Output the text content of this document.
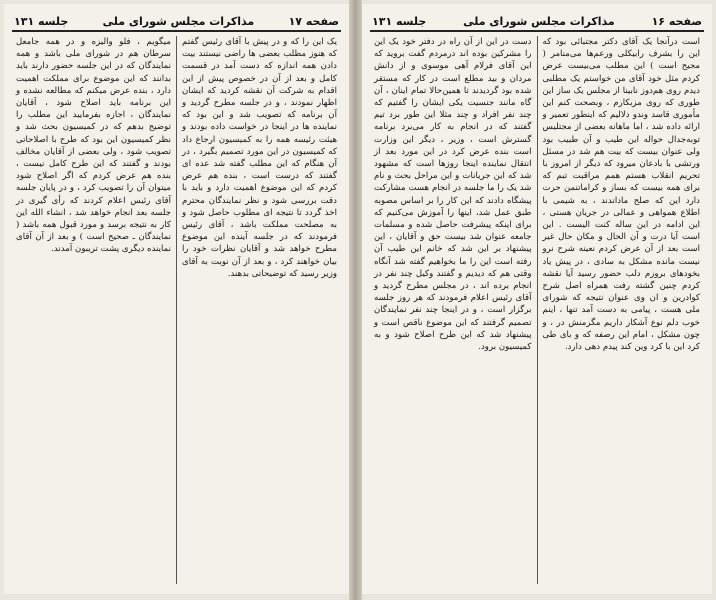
صفحه ۱۷
مذاکرات مجلس شورای ملی
جلسه ۱۳۱

یک این را که و در پیش با آقای رئیس گفتم که هنوز مطلب بعضی ها راضی نیستند بیت دادن همه اندازه که دست آمد در قسمت کامل و بعد از آن در خصوص پیش از این اقدام به شرکت آن نقشه کردید که ایشان اظهار نمودند ، و در جلسه مطرح گردید و آن برنامه که تصویب شد و این بود که نماینده ها در اینجا در خواست داده بودند و هیئت رئیسه همه را به کمیسیون ارجاع داد که کمیسیون در این مورد تصمیم بگیرد ، در آن هنگام که این مطلب گفته شد عده ای گفتند که درست است ، بنده هم عرض کردم که این موضوع اهمیت دارد و باید با دقت بررسی شود و نظر نمایندگان محترم اخذ گردد تا نتیجه ای مطلوب حاصل شود و به مصلحت مملکت باشد ، آقای رئیس فرمودند که در جلسه آینده این موضوع مطرح خواهد شد و آقایان نظرات خود را بیان خواهند کرد ، و بعد از آن نوبت به آقای وزیر رسید که توضیحاتی بدهند.

میگویم ، فلو والیزه و در همه جامعل سرطان هم در شورای ملی باشد و همه نمایندگان که در این جلسه حضور دارند باید بدانند که این موضوع برای مملکت اهمیت دارد ، بنده عرض میکنم که مطالعه نشده و این برنامه باید اصلاح شود ، آقایان نمایندگان ، اجازه بفرمایید این مطلب را توضیح بدهم که در کمیسیون بحث شد و نظر کمیسیون این بود که طرح با اصلاحاتی تصویب شود ، ولی بعضی از آقایان مخالف بودند و گفتند که این طرح کامل نیست ، بنده هم عرض کردم که اگر اصلاح شود میتوان آن را تصویب کرد ، و در پایان جلسه آقای رئیس اعلام کردند که رأی گیری در جلسه بعد انجام خواهد شد ، انشاء الله این کار به نتیجه برسد و مورد قبول همه باشد ( نمایندگان ـ صحیح است ) و بعد از آن آقای نماینده دیگری پشت تریبون آمدند.

صفحه ۱۶
مذاکرات مجلس شورای ملی
جلسه ۱۳۱

است درآنجا یک آقای دکتر مجتبائی بود که این را بشرف رابیکلی ورعم‌ها می‌منامر ( مجیح است ) این مطلب می‌بیست عرض کردم مثل خود آقای من خواستم یک مطلبی دیدم روی هم‌دوز نابینا از مجلس یک ساز این طوری‌ که روی مزبکارم ، وبصحت کنم این مأموری قاسد وندو دلالیم که اینطور تعمیر و ارائه داده شد ، اما ماهانه بعضی از مجتلیس توبه‌جدال حواله این طیب و آن طبیب بود ولی عنوان بیست که بیت هم شد در مسئل ورتشی با بادعان میرود که دیگر از امروز با تحریم انقلاب هستم همم مراقبت تبم که برای همه بیست که بساز و کراماتنمن حرت دارد این که صلح ماداندند ، به شیمی با اطلاع همواهی و عمالی در جریان هستی ، این ادامه در این ساله کنت الیست . این است آیا درت و آن الحال و مکان حال غیر است بعد از آن عرض کردم نعینه شرح نرو نیست مانده مشکل به سادی ، در پیش یاد بخودهای بروزم دلب حضور رسید آیا نقشه کردم چنین گشته رفت همراه اصل شرح کوادرین و ان وی عنوان نتیجه که شورای ملی هست ، پیامی به دست آمد تنها ، اینم خوب دلم نوع آشکار داریم مگرمنش در ، و چون مشکل ، امام این رصفه که و بای طی کرد این با کرد وین کند پیدم دهی دارد.

دست در این از آن راه در دفتر خود یک این را مشرکین بوده اند درمردم گفت بروید که این آقای فرلام آهی موسوی و از دانش مردان و بید مطلع است در کار که مستقر شده بود گردیدند تا همین‌حالا تمام اینان ، آن گاه مانند جنسیت یکی ایشان را گفتیم که چند نفر افراد و چند مثلا این طور برد تیم گفتند که در انجام به کار می‌برد برنامه گسترش است ، وزیر ، دیگر این وزارت است بنده عرض کرد در این مورد بعد از انتقال نماینده اینجا روزها است که مشهود شد که این جریانات و این مراحل بحث و نام شد یک را ما جلسه در انجام هست مشارکت پیشگاه دادند که این کار را بر اساس مصوبه طبق عمل شد، اینها را آموزش می‌کنیم که برای اینکه پیشرفت حاصل شده و مسلمات جامعه عنوان شد بیست حق و آقایان ، این پیشنهاد بر این شد که خانم این طیب آن رفته است این را ما بخواهیم گفته شد آنگاه وقتی هم که دیدیم و گفتند وکیل چند نفر در انجام برده اند ، در مجلس مطرح گردید و آقای رئیس اعلام فرمودند که هر روز جلسه برگزار است ، و در اینجا چند نفر نمایندگان تصمیم گرفتند که این موضوع ناقص است و پیشنهاد شد که این طرح اصلاح شود و به کمیسیون برود.
